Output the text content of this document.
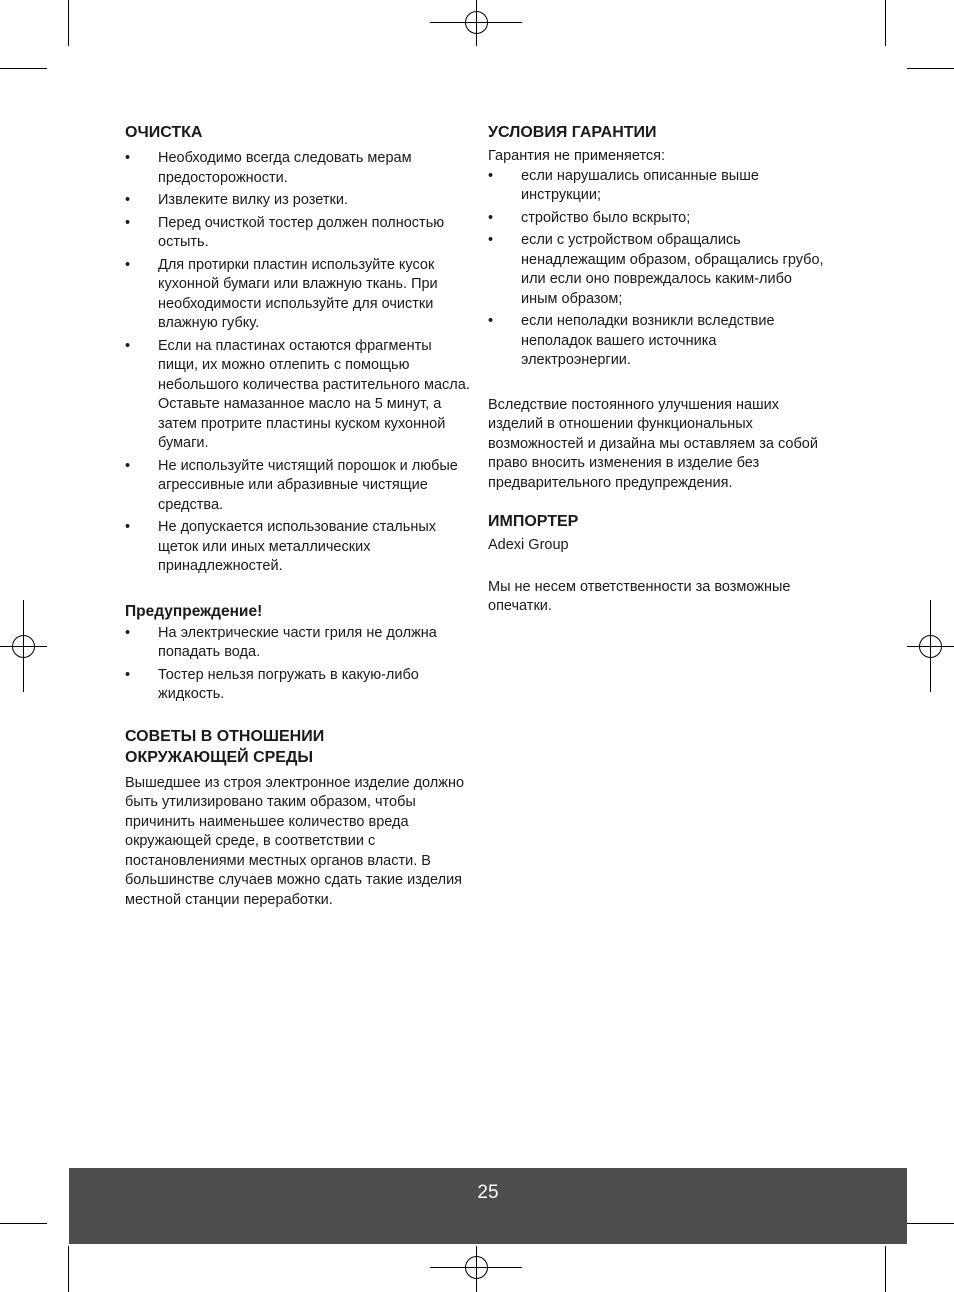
ОЧИСТКА
• Необходимо всегда следовать мерам предосторожности.
• Извлеките вилку из розетки.
• Перед очисткой тостер должен полностью остыть.
• Для протирки пластин используйте кусок кухонной бумаги или влажную ткань. При необходимости используйте для очистки влажную губку.
• Если на пластинах остаются фрагменты пищи, их можно отлепить с помощью небольшого количества растительного масла. Оставьте намазанное масло на 5 минут, а затем протрите пластины куском кухонной бумаги.
• Не используйте чистящий порошок и любые агрессивные или абразивные чистящие средства.
• Не допускается использование стальных щеток или иных металлических принадлежностей.
Предупреждение!
• На электрические части гриля не должна попадать вода.
• Тостер нельзя погружать в какую-либо жидкость.
СОВЕТЫ В ОТНОШЕНИИ
ОКРУЖАЮЩЕЙ СРЕДЫ

Вышедшее из строя электронное изделие должно быть утилизировано таким образом, чтобы причинить наименьшее количество вреда окружающей среде, в соответствии с постановлениями местных органов власти. В большинстве случаев можно сдать такие изделия местной станции переработки.

УСЛОВИЯ ГАРАНТИИ

Гарантия не применяется:

• если нарушались описанные выше инструкции;
• стройство было вскрыто;
• если с устройством обращались ненадлежащим образом, обращались грубо, или если оно повреждалось каким-либо иным образом;
• если неполадки возникли вследствие неполадок вашего источника электроэнергии.

Вследствие постоянного улучшения наших изделий в отношении функциональных возможностей и дизайна мы оставляем за собой право вносить изменения в изделие без предварительного предупреждения.

ИМПОРТЕР

Adexi Group

Мы не несем ответственности за возможные опечатки.

25
